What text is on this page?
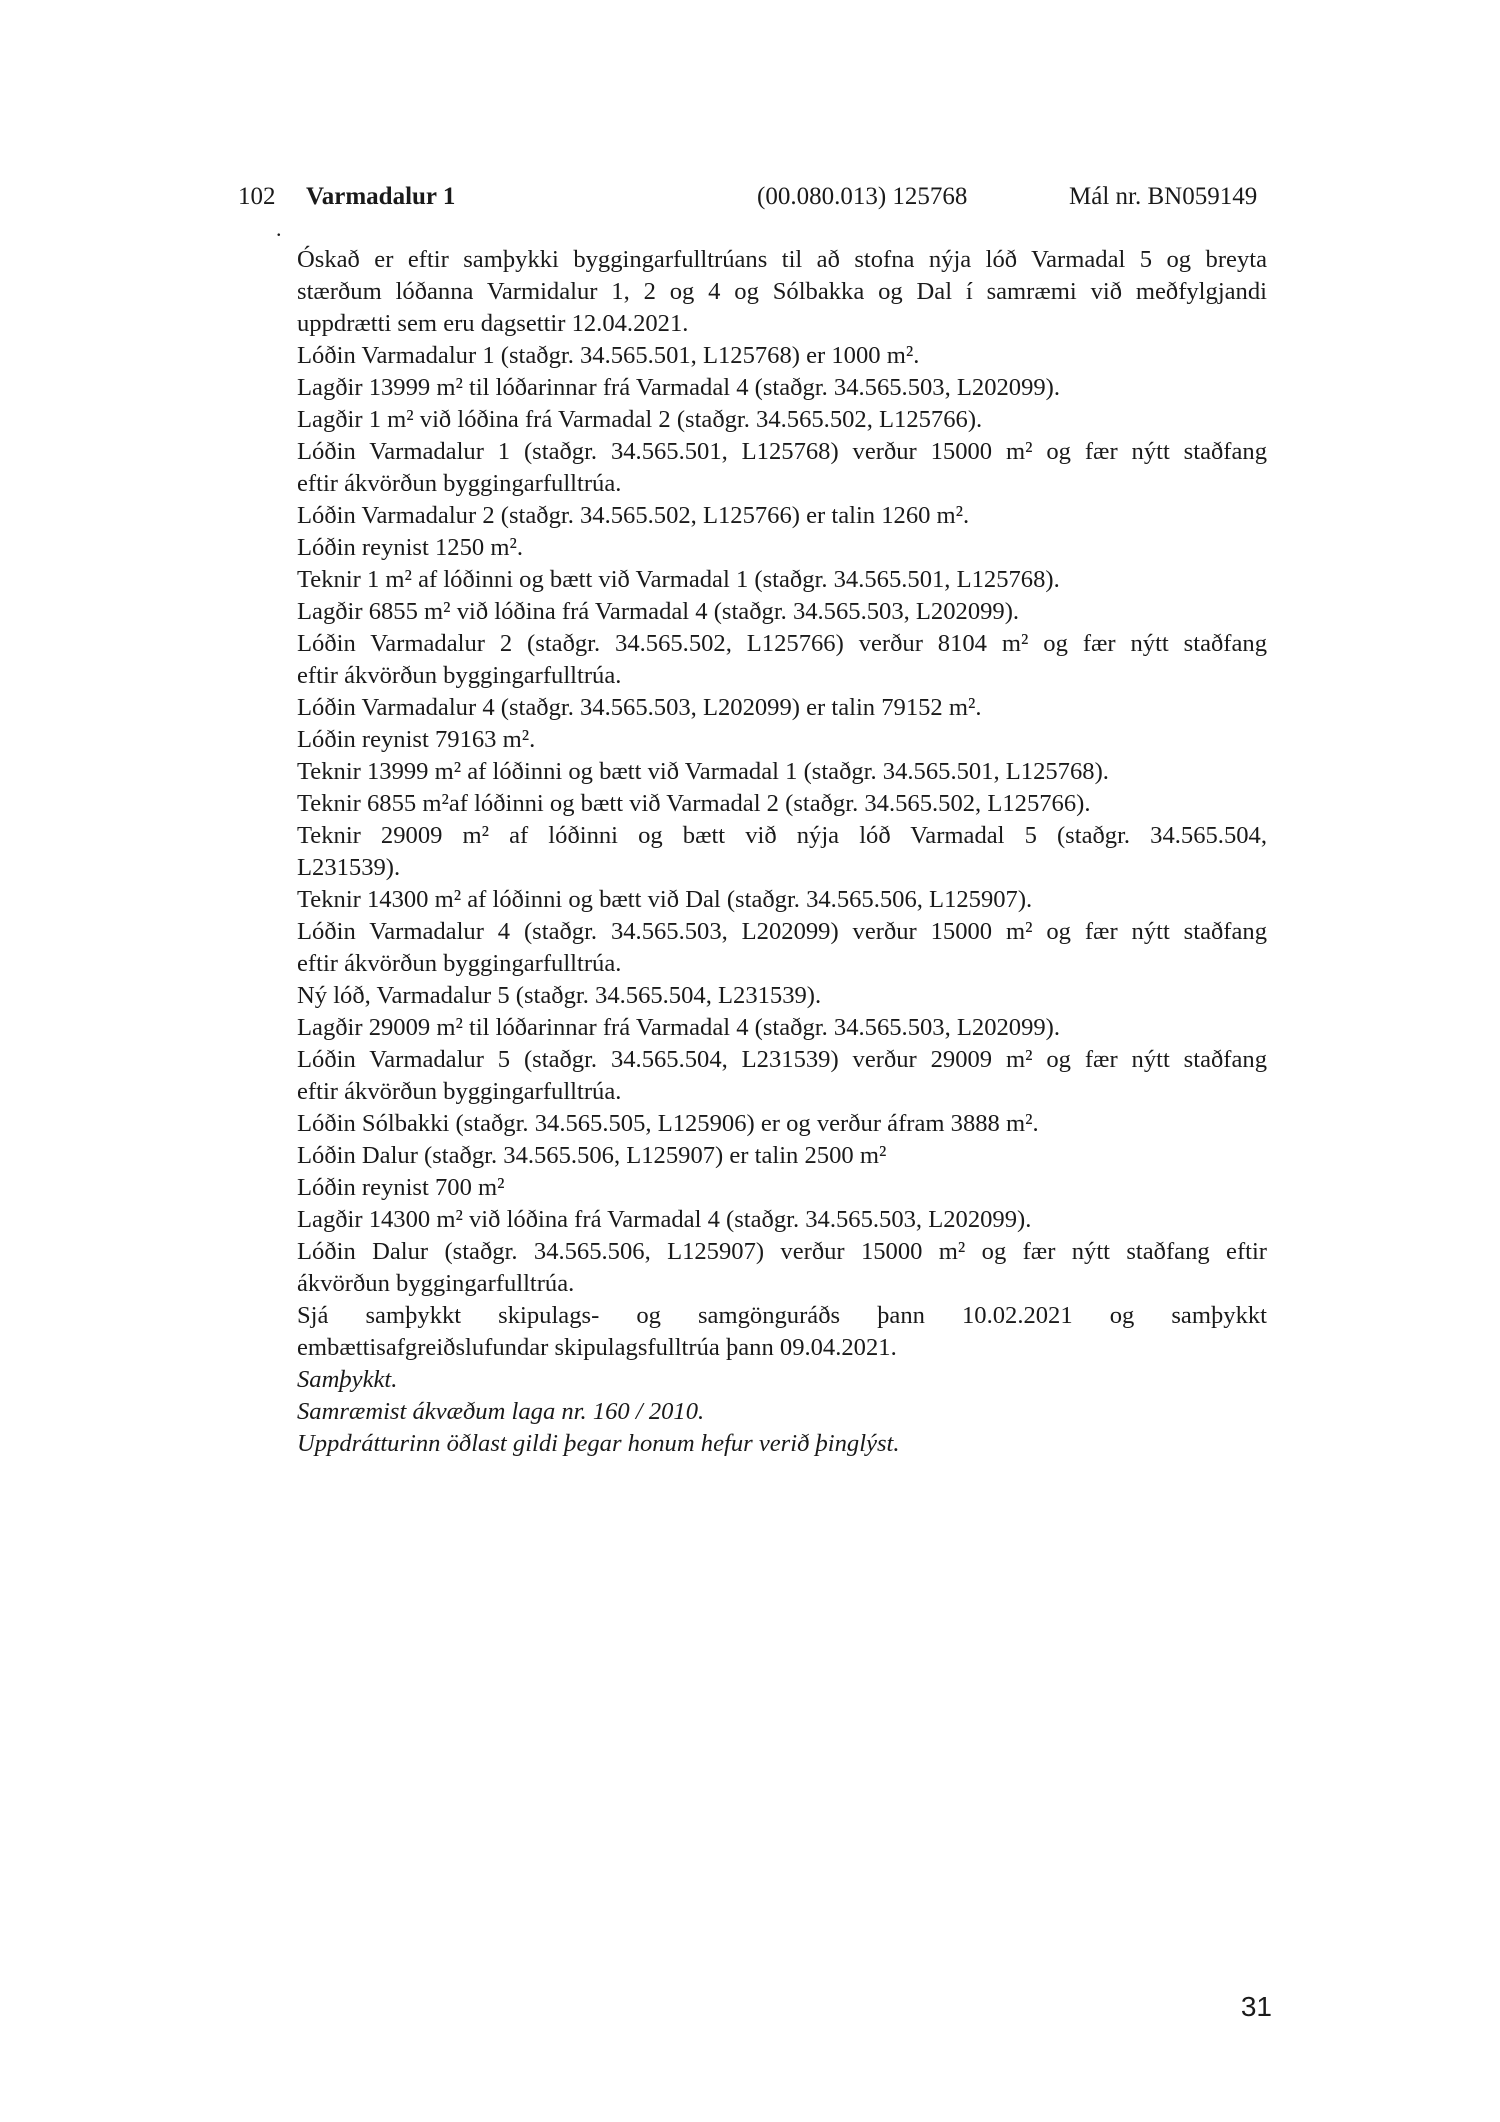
102 Varmadalur 1	(00.080.013) 125768	Mál nr. BN059149
.
Óskað er eftir samþykki byggingarfulltrúans til að stofna nýja lóð Varmadal 5 og breyta
stærðum lóðanna Varmidalur 1, 2 og 4 og Sólbakka og Dal í samræmi við meðfylgjandi
uppdrætti sem eru dagsettir 12.04.2021.
Lóðin Varmadalur 1 (staðgr. 34.565.501, L125768) er 1000 m².
Lagðir 13999 m² til lóðarinnar frá Varmadal 4 (staðgr. 34.565.503, L202099).
Lagðir 1 m² við lóðina frá Varmadal 2 (staðgr. 34.565.502, L125766).
Lóðin Varmadalur 1 (staðgr. 34.565.501, L125768) verður 15000 m² og fær nýtt staðfang
eftir ákvörðun byggingarfulltrúa.
Lóðin Varmadalur 2 (staðgr. 34.565.502, L125766) er talin 1260 m².
Lóðin reynist 1250 m².
Teknir 1 m² af lóðinni og bætt við Varmadal 1 (staðgr. 34.565.501, L125768).
Lagðir 6855 m² við lóðina frá Varmadal 4 (staðgr. 34.565.503, L202099).
Lóðin Varmadalur 2 (staðgr. 34.565.502, L125766) verður 8104 m² og fær nýtt staðfang
eftir ákvörðun byggingarfulltrúa.
Lóðin Varmadalur 4 (staðgr. 34.565.503, L202099) er talin 79152 m².
Lóðin reynist 79163 m².
Teknir 13999 m² af lóðinni og bætt við Varmadal 1 (staðgr. 34.565.501, L125768).
Teknir 6855 m²af lóðinni og bætt við Varmadal 2 (staðgr. 34.565.502, L125766).
Teknir 29009 m² af lóðinni og bætt við nýja lóð Varmadal 5 (staðgr. 34.565.504,
L231539).
Teknir 14300 m² af lóðinni og bætt við Dal (staðgr. 34.565.506, L125907).
Lóðin Varmadalur 4 (staðgr. 34.565.503, L202099) verður 15000 m² og fær nýtt staðfang
eftir ákvörðun byggingarfulltrúa.
Ný lóð, Varmadalur 5 (staðgr. 34.565.504, L231539).
Lagðir 29009 m² til lóðarinnar frá Varmadal 4 (staðgr. 34.565.503, L202099).
Lóðin Varmadalur 5 (staðgr. 34.565.504, L231539) verður 29009 m² og fær nýtt staðfang
eftir ákvörðun byggingarfulltrúa.
Lóðin Sólbakki (staðgr. 34.565.505, L125906) er og verður áfram 3888 m².
Lóðin Dalur (staðgr. 34.565.506, L125907) er talin 2500 m²
Lóðin reynist 700 m²
Lagðir 14300 m² við lóðina frá Varmadal 4 (staðgr. 34.565.503, L202099).
Lóðin Dalur (staðgr. 34.565.506, L125907) verður 15000 m² og fær nýtt staðfang eftir
ákvörðun byggingarfulltrúa.
Sjá samþykkt skipulags- og samgönguráðs þann 10.02.2021 og samþykkt
embættisafgreiðslufundar skipulagsfulltrúa þann 09.04.2021.
Samþykkt.
Samræmist ákvæðum laga nr. 160 / 2010.
Uppdrátturinn öðlast gildi þegar honum hefur verið þinglýst.
31
